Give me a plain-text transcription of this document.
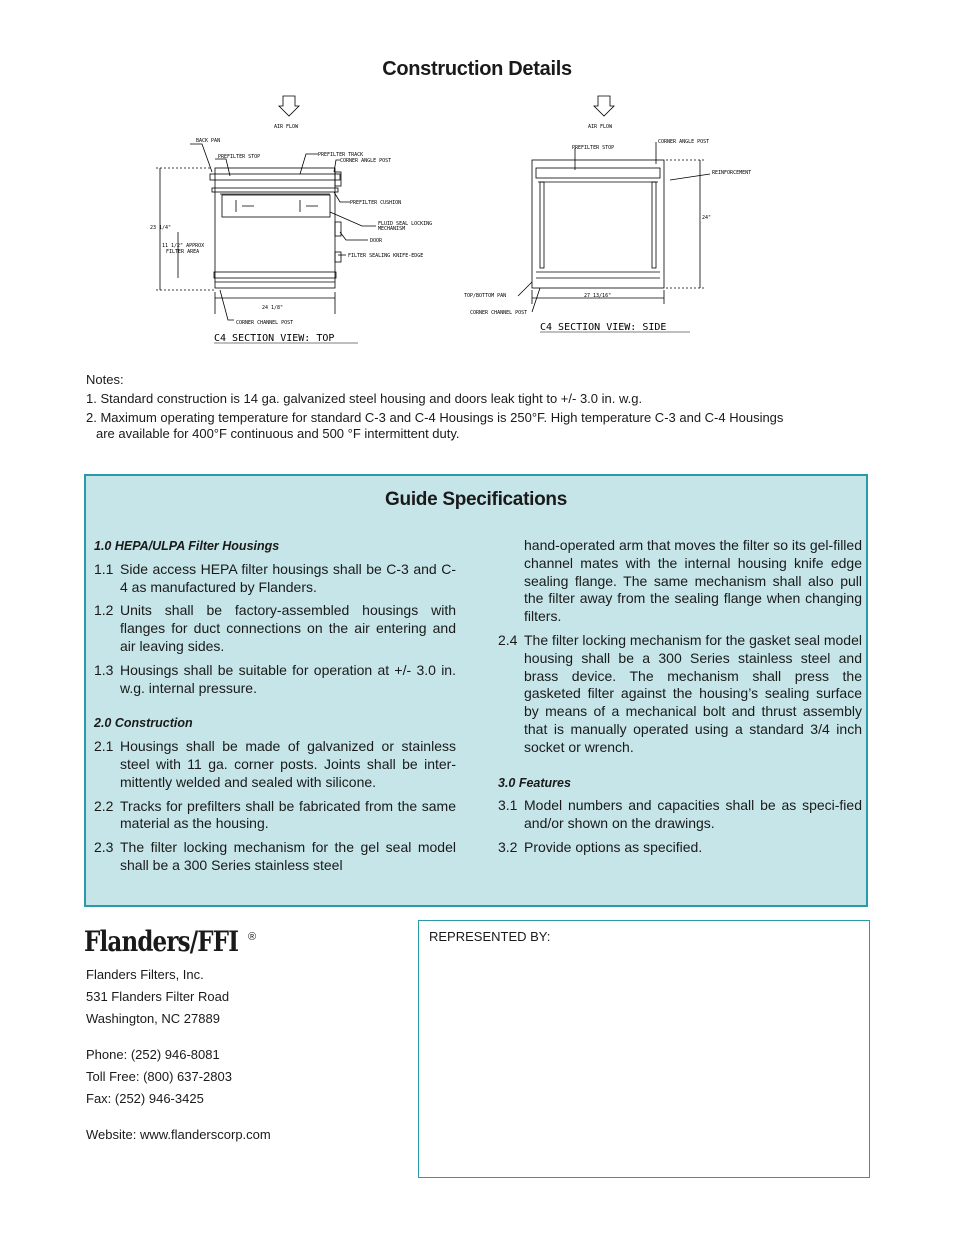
Construction Details
AIR FLOW
BACK PAN
PREFILTER STOP	PREFILTER TRACK
CORNER ANGLE POST
PREFILTER CUSHION
FLUID SEAL LOCKING
MECHANISM
DOOR
FILTER SEALING KNIFE-EDGE
23 1/4"
11 1/2" APPROX
FILTER AREA
24 1/8"
CORNER CHANNEL POST
C4 SECTION VIEW: TOP
AIR FLOW
PREFILTER STOP
CORNER ANGLE POST
REINFORCEMENT
24"
TOP/BOTTOM PAN	27 13/16"
CORNER CHANNEL POST
C4 SECTION VIEW: SIDE

Notes:

1. Standard construction is 14 ga. galvanized steel housing and doors leak tight to +/- 3.0 in. w.g.

2. Maximum operating temperature for standard C-3 and C-4 Housings is 250°F. High temperature C-3 and C-4 Housings

are available for 400°F continuous and 500 °F intermittent duty.

Guide Specifications

1.0 HEPA/ULPA Filter Housings

1.1 Side access HEPA filter housings shall be C-3 and C-4 as manufactured by Flanders.
1.2 Units shall be factory-assembled housings with flanges for duct connections on the air entering and air leaving sides.
1.3 Housings shall be suitable for operation at +/- 3.0 in. w.g. internal pressure.

2.0 Construction

2.1 Housings shall be made of galvanized or stainless steel with 11 ga. corner posts. Joints shall be inter-mittently welded and sealed with silicone.
2.2 Tracks for prefilters shall be fabricated from the same material as the housing.
2.3 The filter locking mechanism for the gel seal model shall be a 300 Series stainless steel

hand-operated arm that moves the filter so its gel-filled channel mates with the internal housing knife edge sealing flange. The same mechanism shall also pull the filter away from the sealing flange when changing filters.

2.4 The filter locking mechanism for the gasket seal model housing shall be a 300 Series stainless steel and brass device. The mechanism shall press the gasketed filter against the housing’s sealing surface by means of a mechanical bolt and thrust assembly that is manually operated using a standard 3/4 inch socket or wrench.

3.0 Features

3.1 Model numbers and capacities shall be as speci-fied and/or shown on the drawings.
3.2 Provide options as specified.
Flanders/FFI ®

Flanders Filters, Inc.

531 Flanders Filter Road

Washington, NC 27889

Phone: (252) 946-8081

Toll Free: (800) 637-2803

Fax: (252) 946-3425

Website: www.flanderscorp.com

REPRESENTED BY:
